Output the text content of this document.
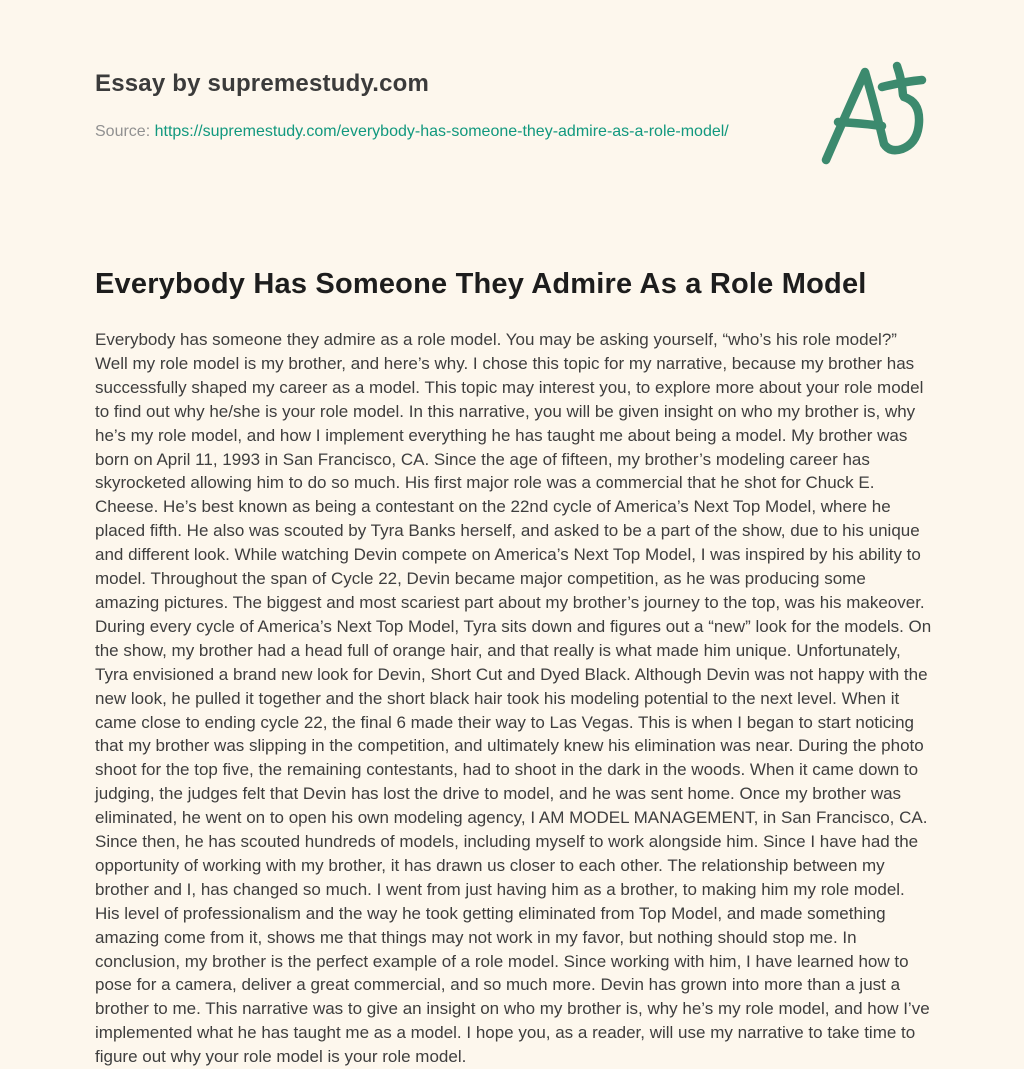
Essay by supremestudy.com
Source: https://supremestudy.com/everybody-has-someone-they-admire-as-a-role-model/
Everybody Has Someone They Admire As a Role Model

Everybody has someone they admire as a role model. You may be asking yourself, “who’s his role model?” Well my role model is my brother, and here’s why. I chose this topic for my narrative, because my brother has successfully shaped my career as a model. This topic may interest you, to explore more about your role model to find out why he/she is your role model. In this narrative, you will be given insight on who my brother is, why he’s my role model, and how I implement everything he has taught me about being a model. My brother was born on April 11, 1993 in San Francisco, CA. Since the age of fifteen, my brother’s modeling career has skyrocketed allowing him to do so much. His first major role was a commercial that he shot for Chuck E. Cheese. He’s best known as being a contestant on the 22nd cycle of America’s Next Top Model, where he placed fifth. He also was scouted by Tyra Banks herself, and asked to be a part of the show, due to his unique and different look. While watching Devin compete on America’s Next Top Model, I was inspired by his ability to model. Throughout the span of Cycle 22, Devin became major competition, as he was producing some amazing pictures. The biggest and most scariest part about my brother’s journey to the top, was his makeover. During every cycle of America’s Next Top Model, Tyra sits down and figures out a “new” look for the models. On the show, my brother had a head full of orange hair, and that really is what made him unique. Unfortunately, Tyra envisioned a brand new look for Devin, Short Cut and Dyed Black. Although Devin was not happy with the new look, he pulled it together and the short black hair took his modeling potential to the next level. When it came close to ending cycle 22, the final 6 made their way to Las Vegas. This is when I began to start noticing that my brother was slipping in the competition, and ultimately knew his elimination was near. During the photo shoot for the top five, the remaining contestants, had to shoot in the dark in the woods. When it came down to judging, the judges felt that Devin has lost the drive to model, and he was sent home. Once my brother was eliminated, he went on to open his own modeling agency, I AM MODEL MANAGEMENT, in San Francisco, CA. Since then, he has scouted hundreds of models, including myself to work alongside him. Since I have had the opportunity of working with my brother, it has drawn us closer to each other. The relationship between my brother and I, has changed so much. I went from just having him as a brother, to making him my role model. His level of professionalism and the way he took getting eliminated from Top Model, and made something amazing come from it, shows me that things may not work in my favor, but nothing should stop me. In conclusion, my brother is the perfect example of a role model. Since working with him, I have learned how to pose for a camera, deliver a great commercial, and so much more. Devin has grown into more than a just a brother to me. This narrative was to give an insight on who my brother is, why he’s my role model, and how I’ve implemented what he has taught me as a model. I hope you, as a reader, will use my narrative to take time to figure out why your role model is your role model.
